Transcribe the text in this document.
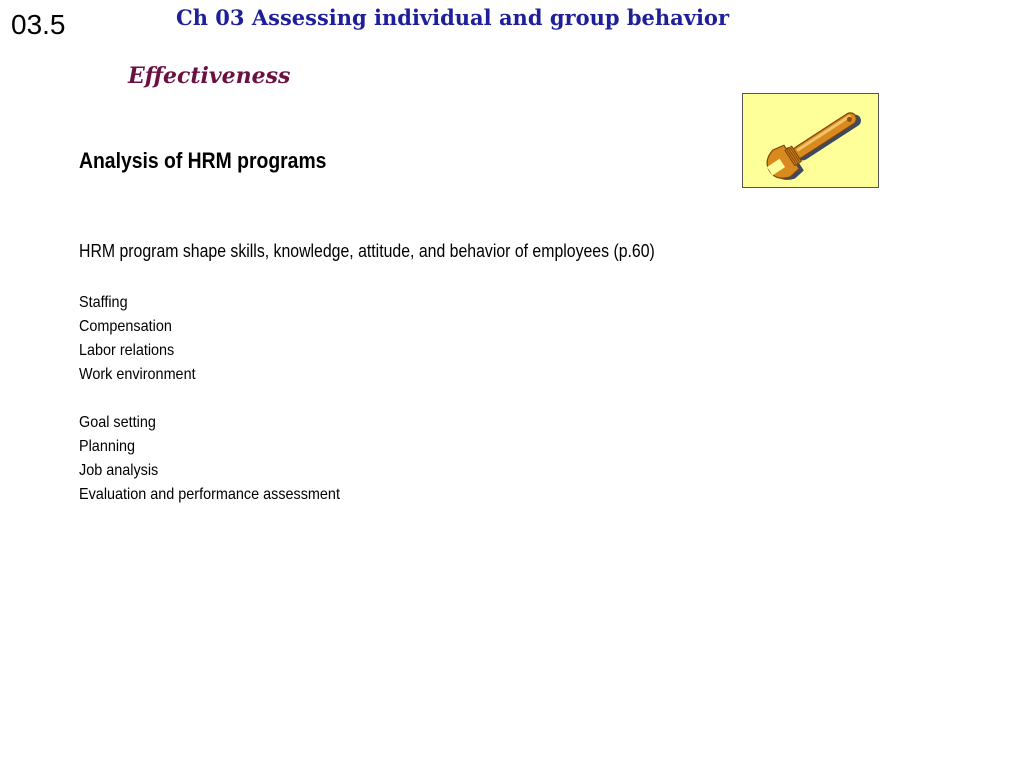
03.5	Ch 03 Assessing individual and group behavior
Effectiveness
Analysis of HRM programs
HRM program shape skills, knowledge, attitude, and behavior of employees (p.60)
Staffing
Compensation
Labor relations
Work environment
Goal setting
Planning
Job analysis
Evaluation and performance assessment
